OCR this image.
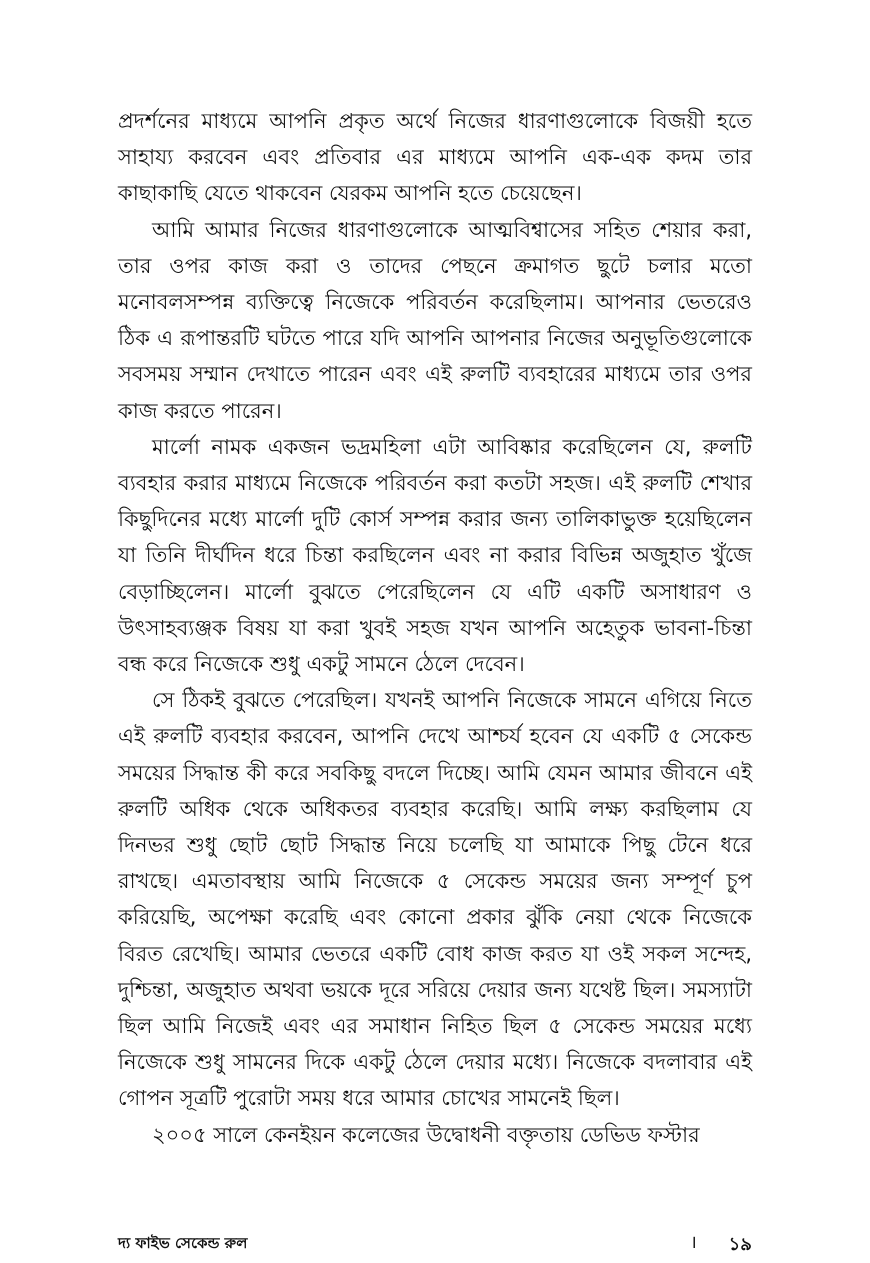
প্রদর্শনের মাধ্যমে আপনি প্রকৃত অর্থে নিজের ধারণাগুলোকে বিজয়ী হতে সাহায্য করবেন এবং প্রতিবার এর মাধ্যমে আপনি এক-এক কদম তার কাছাকাছি যেতে থাকবেন যেরকম আপনি হতে চেয়েছেন।

আমি আমার নিজের ধারণাগুলোকে আত্মবিশ্বাসের সহিত শেয়ার করা, তার ওপর কাজ করা ও তাদের পেছনে ক্রমাগত ছুটে চলার মতো মনোবলসম্পন্ন ব্যক্তিত্বে নিজেকে পরিবর্তন করেছিলাম। আপনার ভেতরেও ঠিক এ রূপান্তরটি ঘটতে পারে যদি আপনি আপনার নিজের অনুভূতিগুলোকে সবসময় সম্মান দেখাতে পারেন এবং এই রুলটি ব্যবহারের মাধ্যমে তার ওপর কাজ করতে পারেন।

মার্লো নামক একজন ভদ্রমহিলা এটা আবিষ্কার করেছিলেন যে, রুলটি ব্যবহার করার মাধ্যমে নিজেকে পরিবর্তন করা কতটা সহজ। এই রুলটি শেখার কিছুদিনের মধ্যে মার্লো দুটি কোর্স সম্পন্ন করার জন্য তালিকাভুক্ত হয়েছিলেন যা তিনি দীর্ঘদিন ধরে চিন্তা করছিলেন এবং না করার বিভিন্ন অজুহাত খুঁজে বেড়াচ্ছিলেন। মার্লো বুঝতে পেরেছিলেন যে এটি একটি অসাধারণ ও উৎসাহব্যঞ্জক বিষয় যা করা খুবই সহজ যখন আপনি অহেতুক ভাবনা-চিন্তা বন্ধ করে নিজেকে শুধু একটু সামনে ঠেলে দেবেন।

সে ঠিকই বুঝতে পেরেছিল। যখনই আপনি নিজেকে সামনে এগিয়ে নিতে এই রুলটি ব্যবহার করবেন, আপনি দেখে আশ্চর্য হবেন যে একটি ৫ সেকেন্ড সময়ের সিদ্ধান্ত কী করে সবকিছু বদলে দিচ্ছে। আমি যেমন আমার জীবনে এই রুলটি অধিক থেকে অধিকতর ব্যবহার করেছি। আমি লক্ষ্য করছিলাম যে দিনভর শুধু ছোট ছোট সিদ্ধান্ত নিয়ে চলেছি যা আমাকে পিছু টেনে ধরে রাখছে। এমতাবস্থায় আমি নিজেকে ৫ সেকেন্ড সময়ের জন্য সম্পূর্ণ চুপ করিয়েছি, অপেক্ষা করেছি এবং কোনো প্রকার ঝুঁকি নেয়া থেকে নিজেকে বিরত রেখেছি। আমার ভেতরে একটি বোধ কাজ করত যা ওই সকল সন্দেহ, দুশ্চিন্তা, অজুহাত অথবা ভয়কে দূরে সরিয়ে দেয়ার জন্য যথেষ্ট ছিল। সমস্যাটা ছিল আমি নিজেই এবং এর সমাধান নিহিত ছিল ৫ সেকেন্ড সময়ের মধ্যে নিজেকে শুধু সামনের দিকে একটু ঠেলে দেয়ার মধ্যে। নিজেকে বদলাবার এই গোপন সূত্রটি পুরোটা সময় ধরে আমার চোখের সামনেই ছিল।

২০০৫ সালে কেনইয়ন কলেজের উদ্বোধনী বক্তৃতায় ডেভিড ফস্টার

দ্য ফাইভ সেকেন্ড রুল	। ১৯
